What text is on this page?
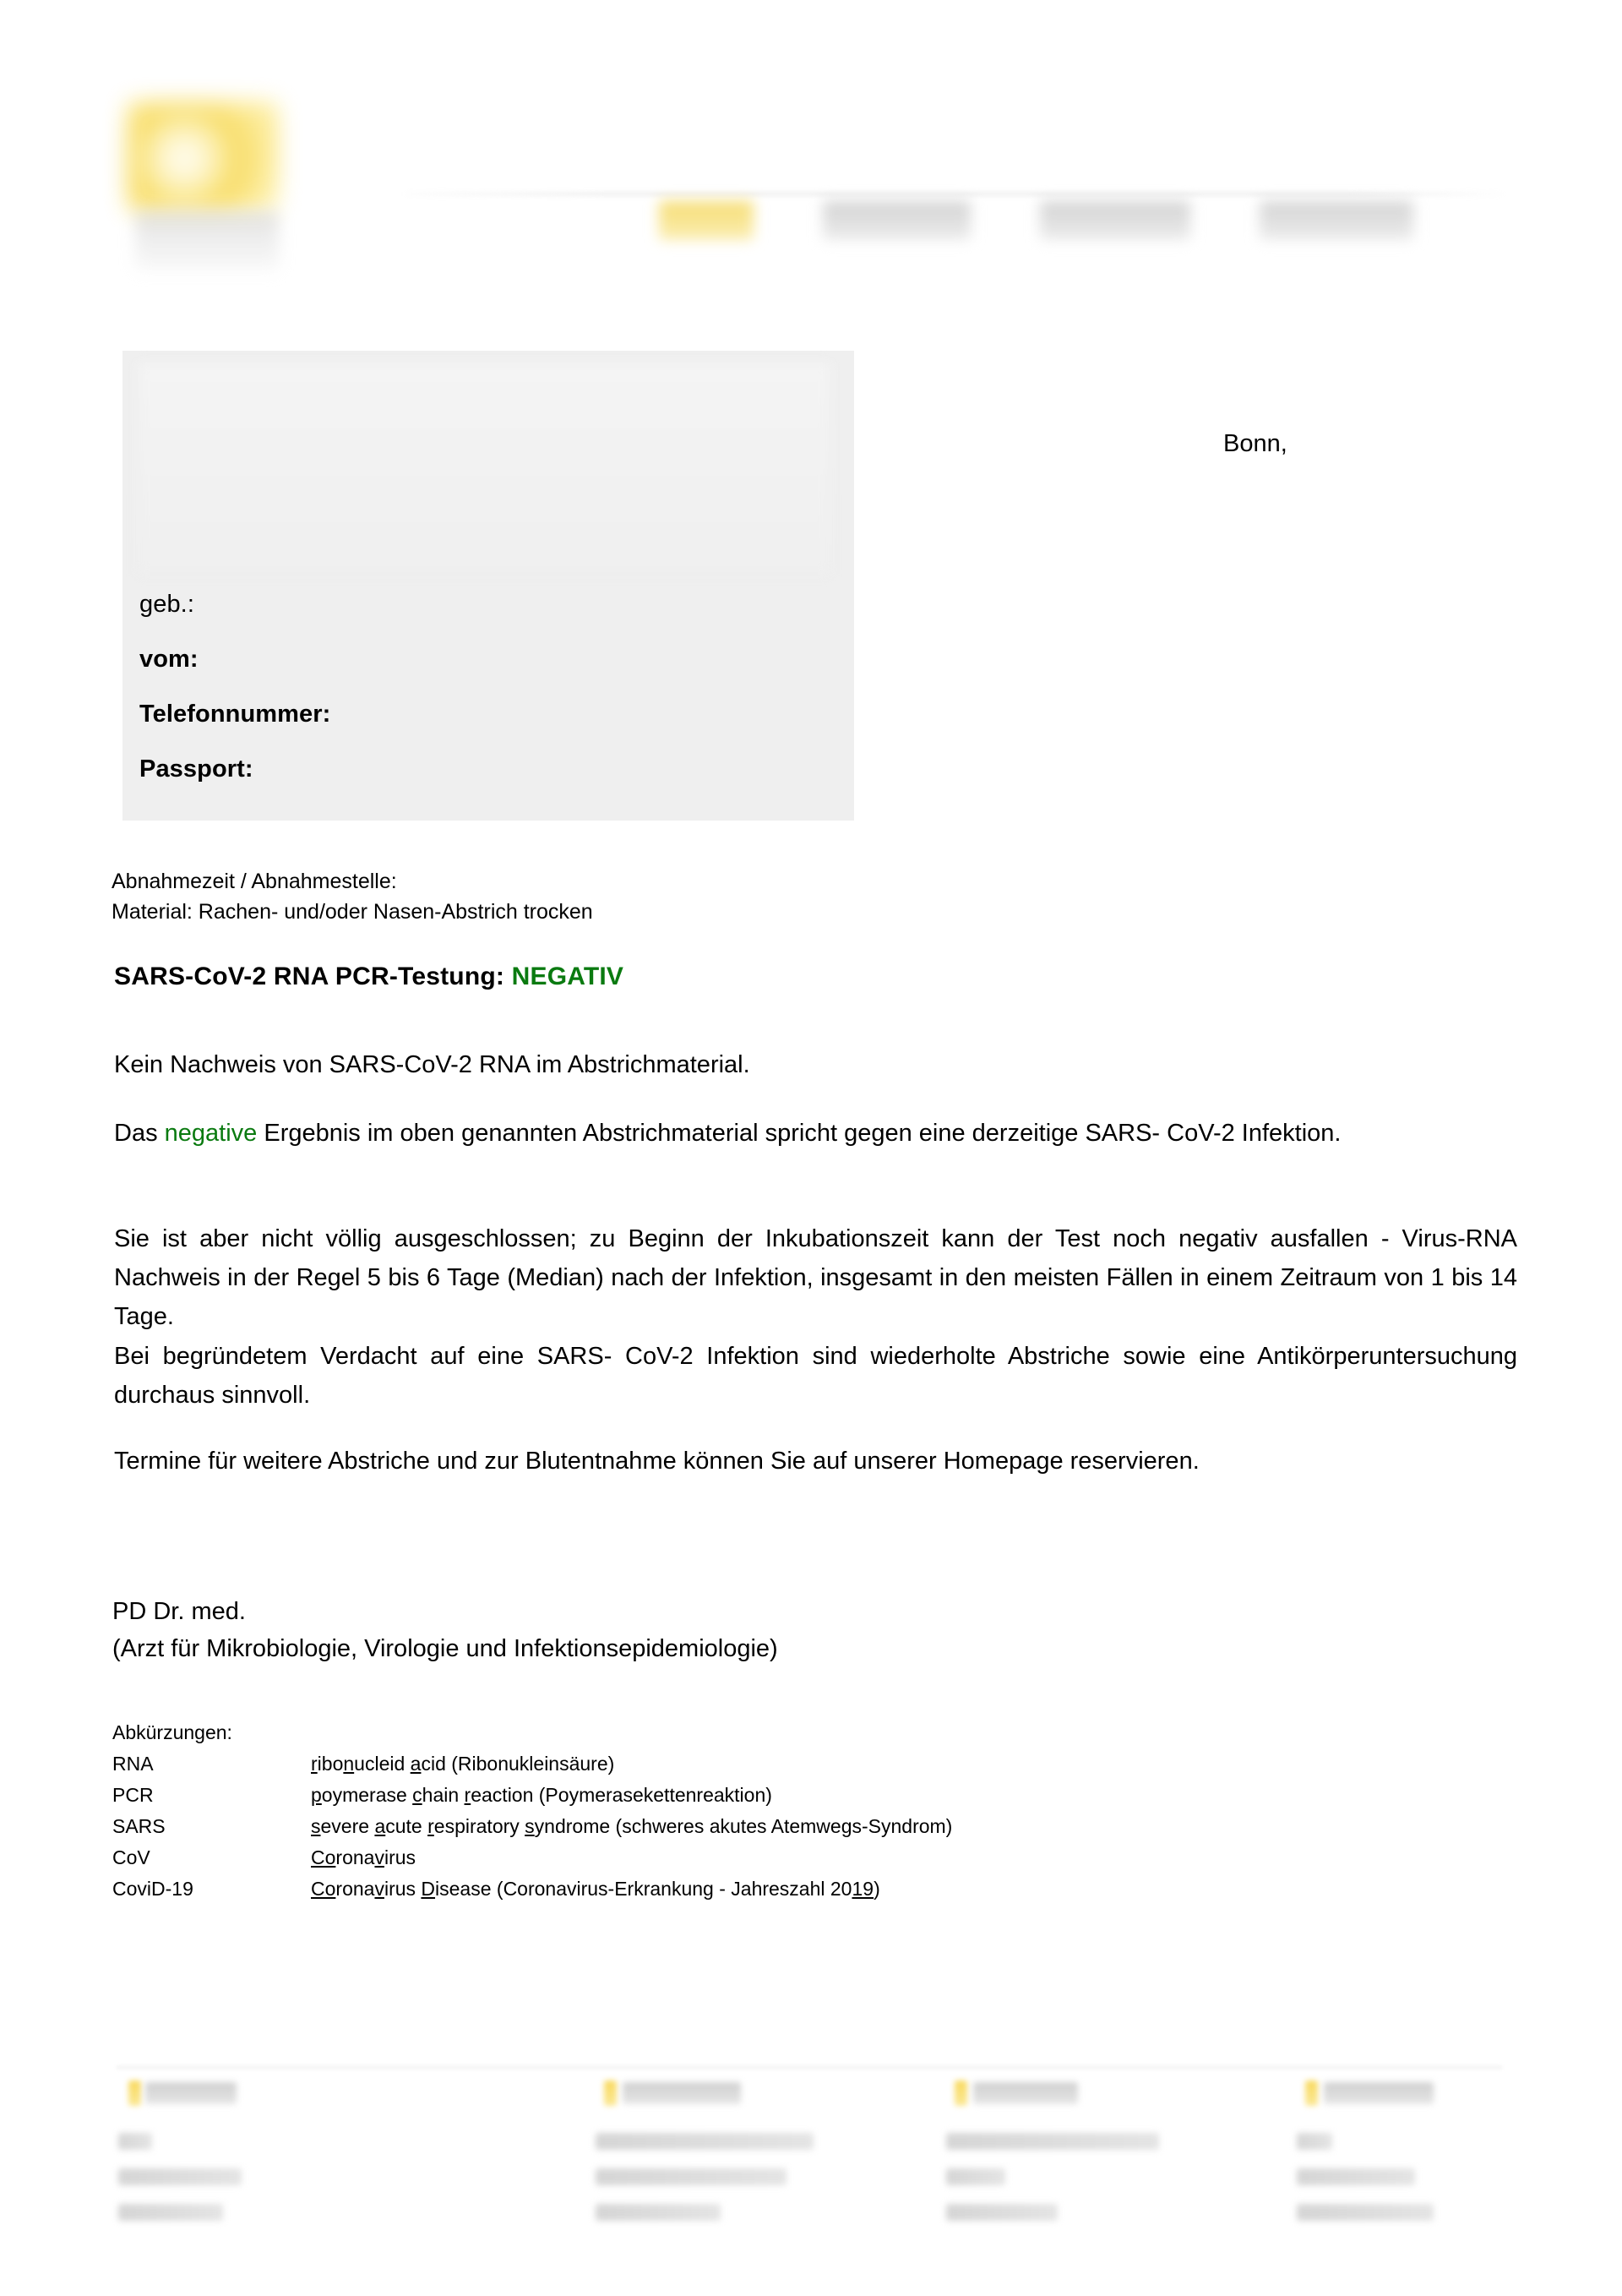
geb.:
vom:
Telefonnummer:
Passport:
Bonn,
Abnahmezeit / Abnahmestelle:
Material: Rachen- und/oder Nasen-Abstrich trocken
SARS-CoV-2 RNA PCR-Testung: NEGATIV
Kein Nachweis von SARS-CoV-2 RNA im Abstrichmaterial.
Das negative Ergebnis im oben genannten Abstrichmaterial spricht gegen eine derzeitige SARS- CoV-2 Infektion.
Sie ist aber nicht völlig ausgeschlossen; zu Beginn der Inkubationszeit kann der Test noch negativ ausfallen - Virus-RNA Nachweis in der Regel 5 bis 6 Tage (Median) nach der Infektion, insgesamt in den meisten Fällen in einem Zeitraum von 1 bis 14 Tage.
Bei begründetem Verdacht auf eine SARS- CoV-2 Infektion sind wiederholte Abstriche sowie eine Antikörperuntersuchung durchaus sinnvoll.
Termine für weitere Abstriche und zur Blutentnahme können Sie auf unserer Homepage reservieren.
PD Dr. med.
(Arzt für Mikrobiologie, Virologie und Infektionsepidemiologie)
Abkürzungen:
RNA	ribonucleid acid (Ribonukleinsäure)
PCR	poymerase chain reaction (Poymerasekettenreaktion)
SARS	severe acute respiratory syndrome (schweres akutes Atemwegs-Syndrom)
CoV	Coronavirus
CoviD-19	Coronavirus Disease (Coronavirus-Erkrankung - Jahreszahl 2019)
